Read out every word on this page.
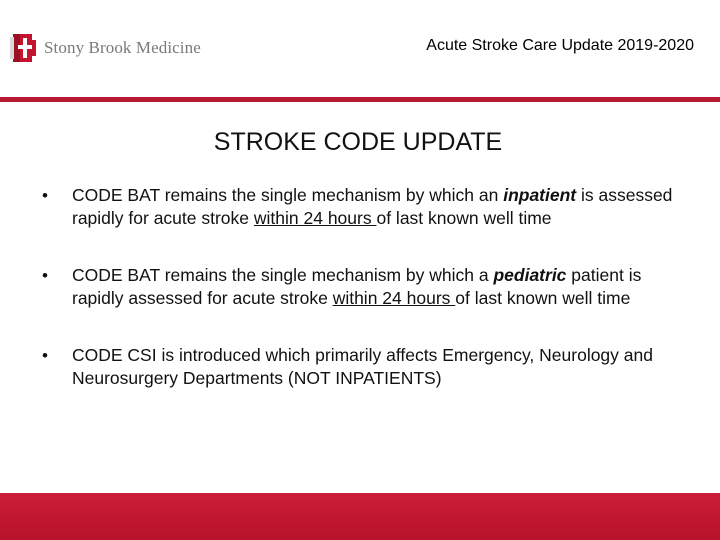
Stony Brook Medicine	Acute Stroke Care Update 2019-2020
STROKE CODE UPDATE
• CODE BAT remains the single mechanism by which an inpatient is assessed rapidly for acute stroke within 24 hours of last known well time
• CODE BAT remains the single mechanism by which a pediatric patient is rapidly assessed for acute stroke within 24 hours of last known well time
• CODE CSI is introduced which primarily affects Emergency, Neurology and Neurosurgery Departments (NOT INPATIENTS)
